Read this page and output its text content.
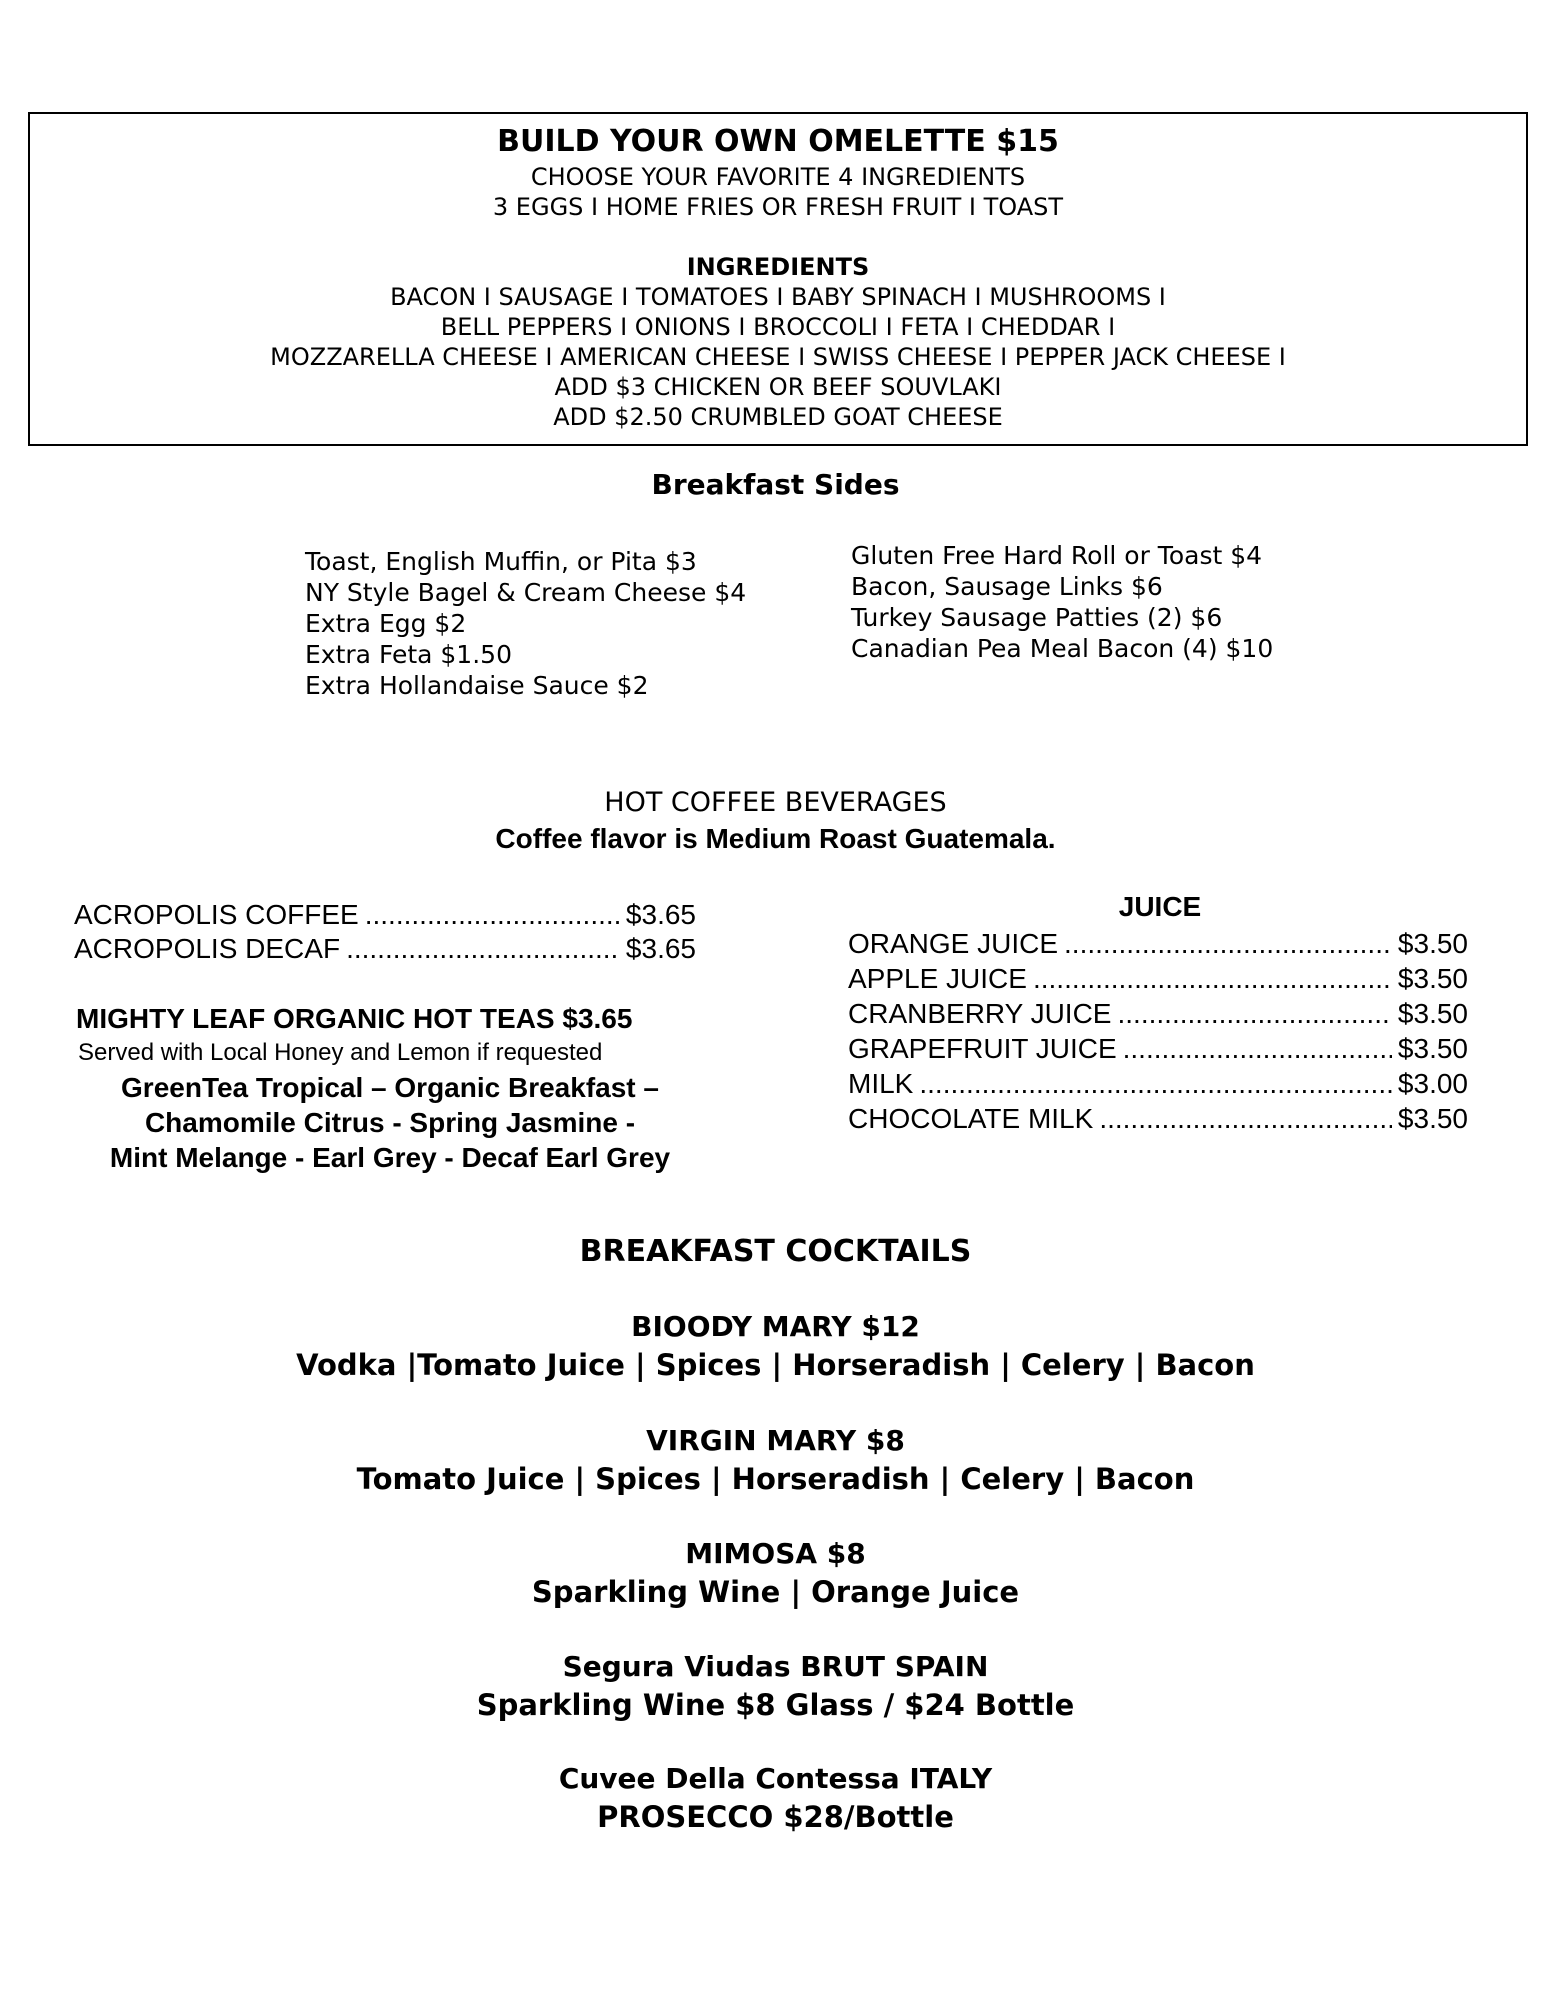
BUILD YOUR OWN OMELETTE $15
CHOOSE YOUR FAVORITE 4 INGREDIENTS
3 EGGS I HOME FRIES OR FRESH FRUIT I TOAST
INGREDIENTS
BACON I SAUSAGE I TOMATOES I BABY SPINACH I MUSHROOMS I
BELL PEPPERS I ONIONS I BROCCOLI I FETA I CHEDDAR I
MOZZARELLA CHEESE I AMERICAN CHEESE I SWISS CHEESE I PEPPER JACK CHEESE I
ADD $3 CHICKEN OR BEEF SOUVLAKI
ADD $2.50 CRUMBLED GOAT CHEESE
Breakfast Sides
Toast, English Muffin, or Pita $3
NY Style Bagel & Cream Cheese $4
Extra Egg $2
Extra Feta $1.50
Extra Hollandaise Sauce $2
Gluten Free Hard Roll or Toast $4
Bacon, Sausage Links $6
Turkey Sausage Patties (2) $6
Canadian Pea Meal Bacon (4) $10
HOT COFFEE BEVERAGES
Coffee flavor is Medium Roast Guatemala.
ACROPOLIS COFFEE .....	$3.65
ACROPOLIS DECAF .....	$3.65
MIGHTY LEAF ORGANIC HOT TEAS $3.65
Served with Local Honey and Lemon if requested
GreenTea Tropical – Organic Breakfast –
Chamomile Citrus - Spring Jasmine -
Mint Melange - Earl Grey - Decaf Earl Grey
JUICE
ORANGE JUICE .....	$3.50
APPLE JUICE .....	$3.50
CRANBERRY JUICE .....	$3.50
GRAPEFRUIT JUICE .....	$3.50
MILK .....	$3.00
CHOCOLATE MILK .....	$3.50
BREAKFAST COCKTAILS
BIOODY MARY $12
Vodka |Tomato Juice | Spices | Horseradish | Celery | Bacon
VIRGIN MARY $8
Tomato Juice | Spices | Horseradish | Celery | Bacon
MIMOSA $8
Sparkling Wine | Orange Juice
Segura Viudas BRUT SPAIN
Sparkling Wine $8 Glass / $24 Bottle
Cuvee Della Contessa ITALY
PROSECCO $28/Bottle
